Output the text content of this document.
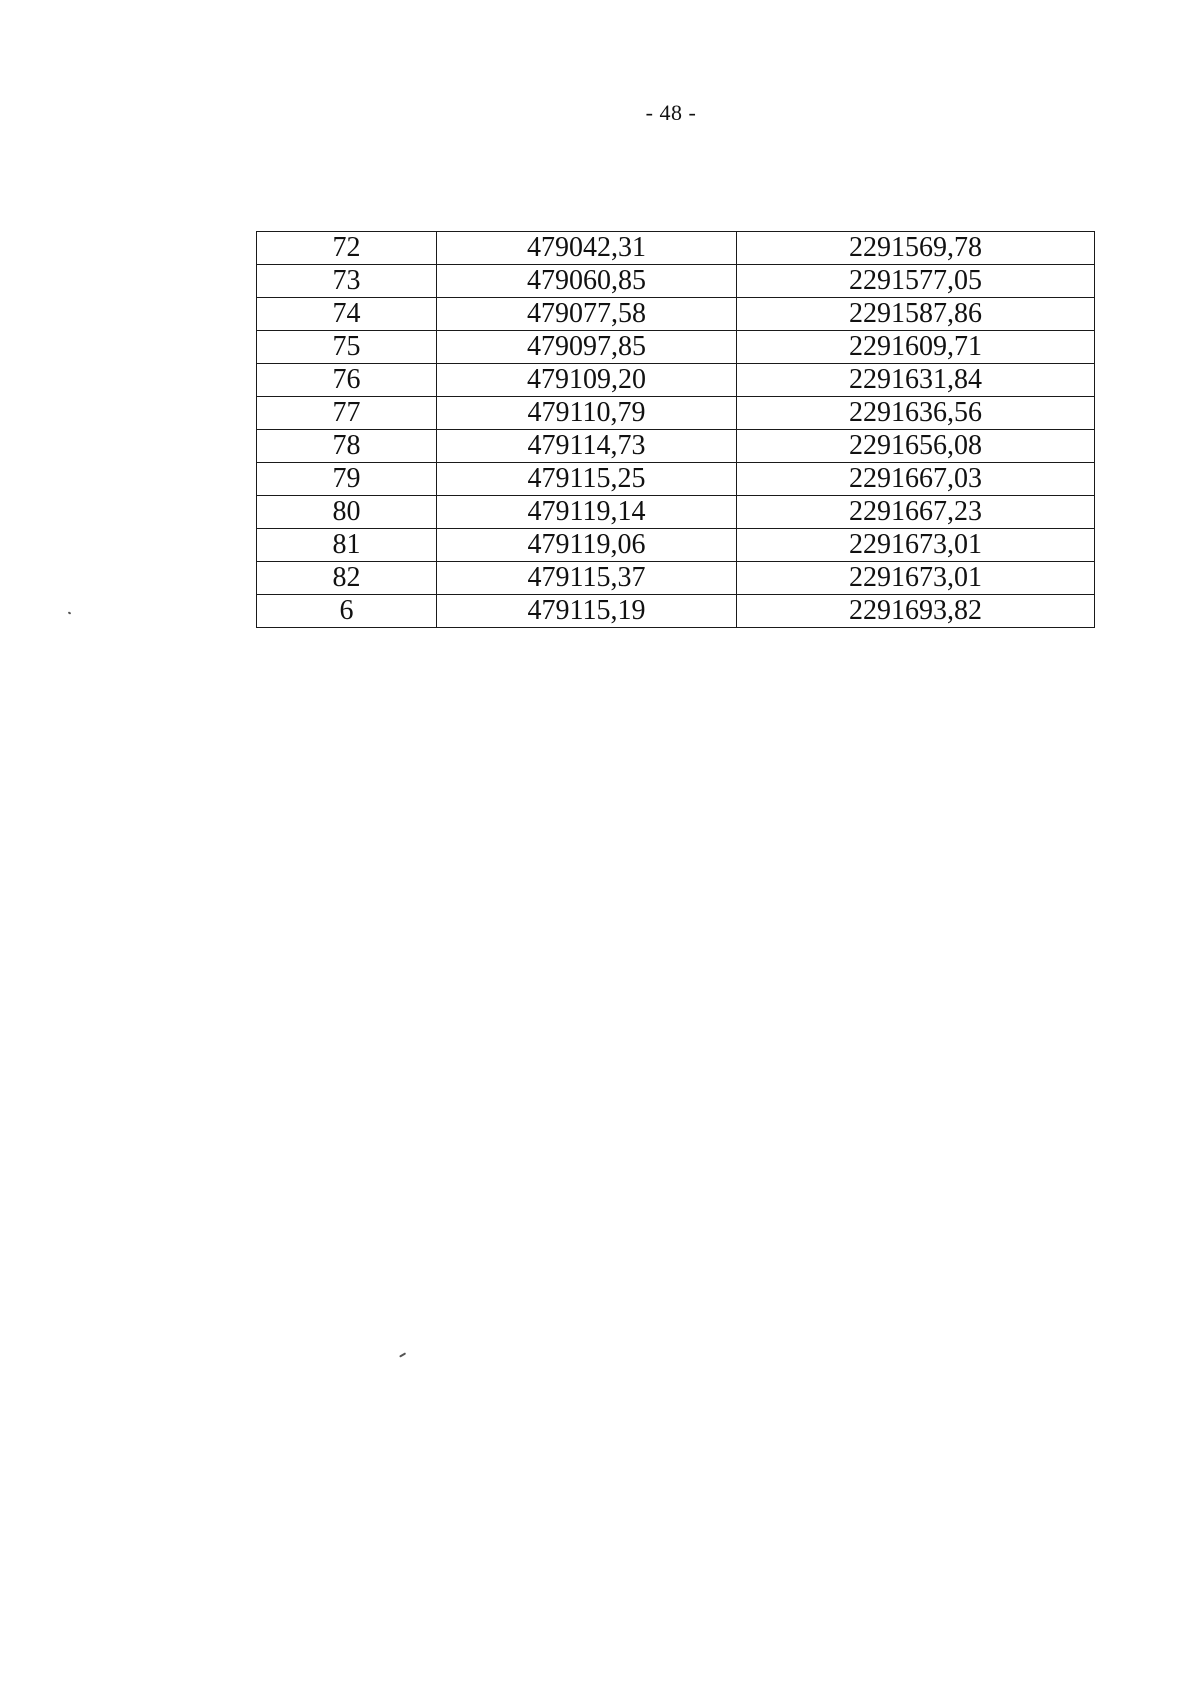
- 48 -
72	479042,31	2291569,78
73	479060,85	2291577,05
74	479077,58	2291587,86
75	479097,85	2291609,71
76	479109,20	2291631,84
77	479110,79	2291636,56
78	479114,73	2291656,08
79	479115,25	2291667,03
80	479119,14	2291667,23
81	479119,06	2291673,01
82	479115,37	2291673,01
6	479115,19	2291693,82
